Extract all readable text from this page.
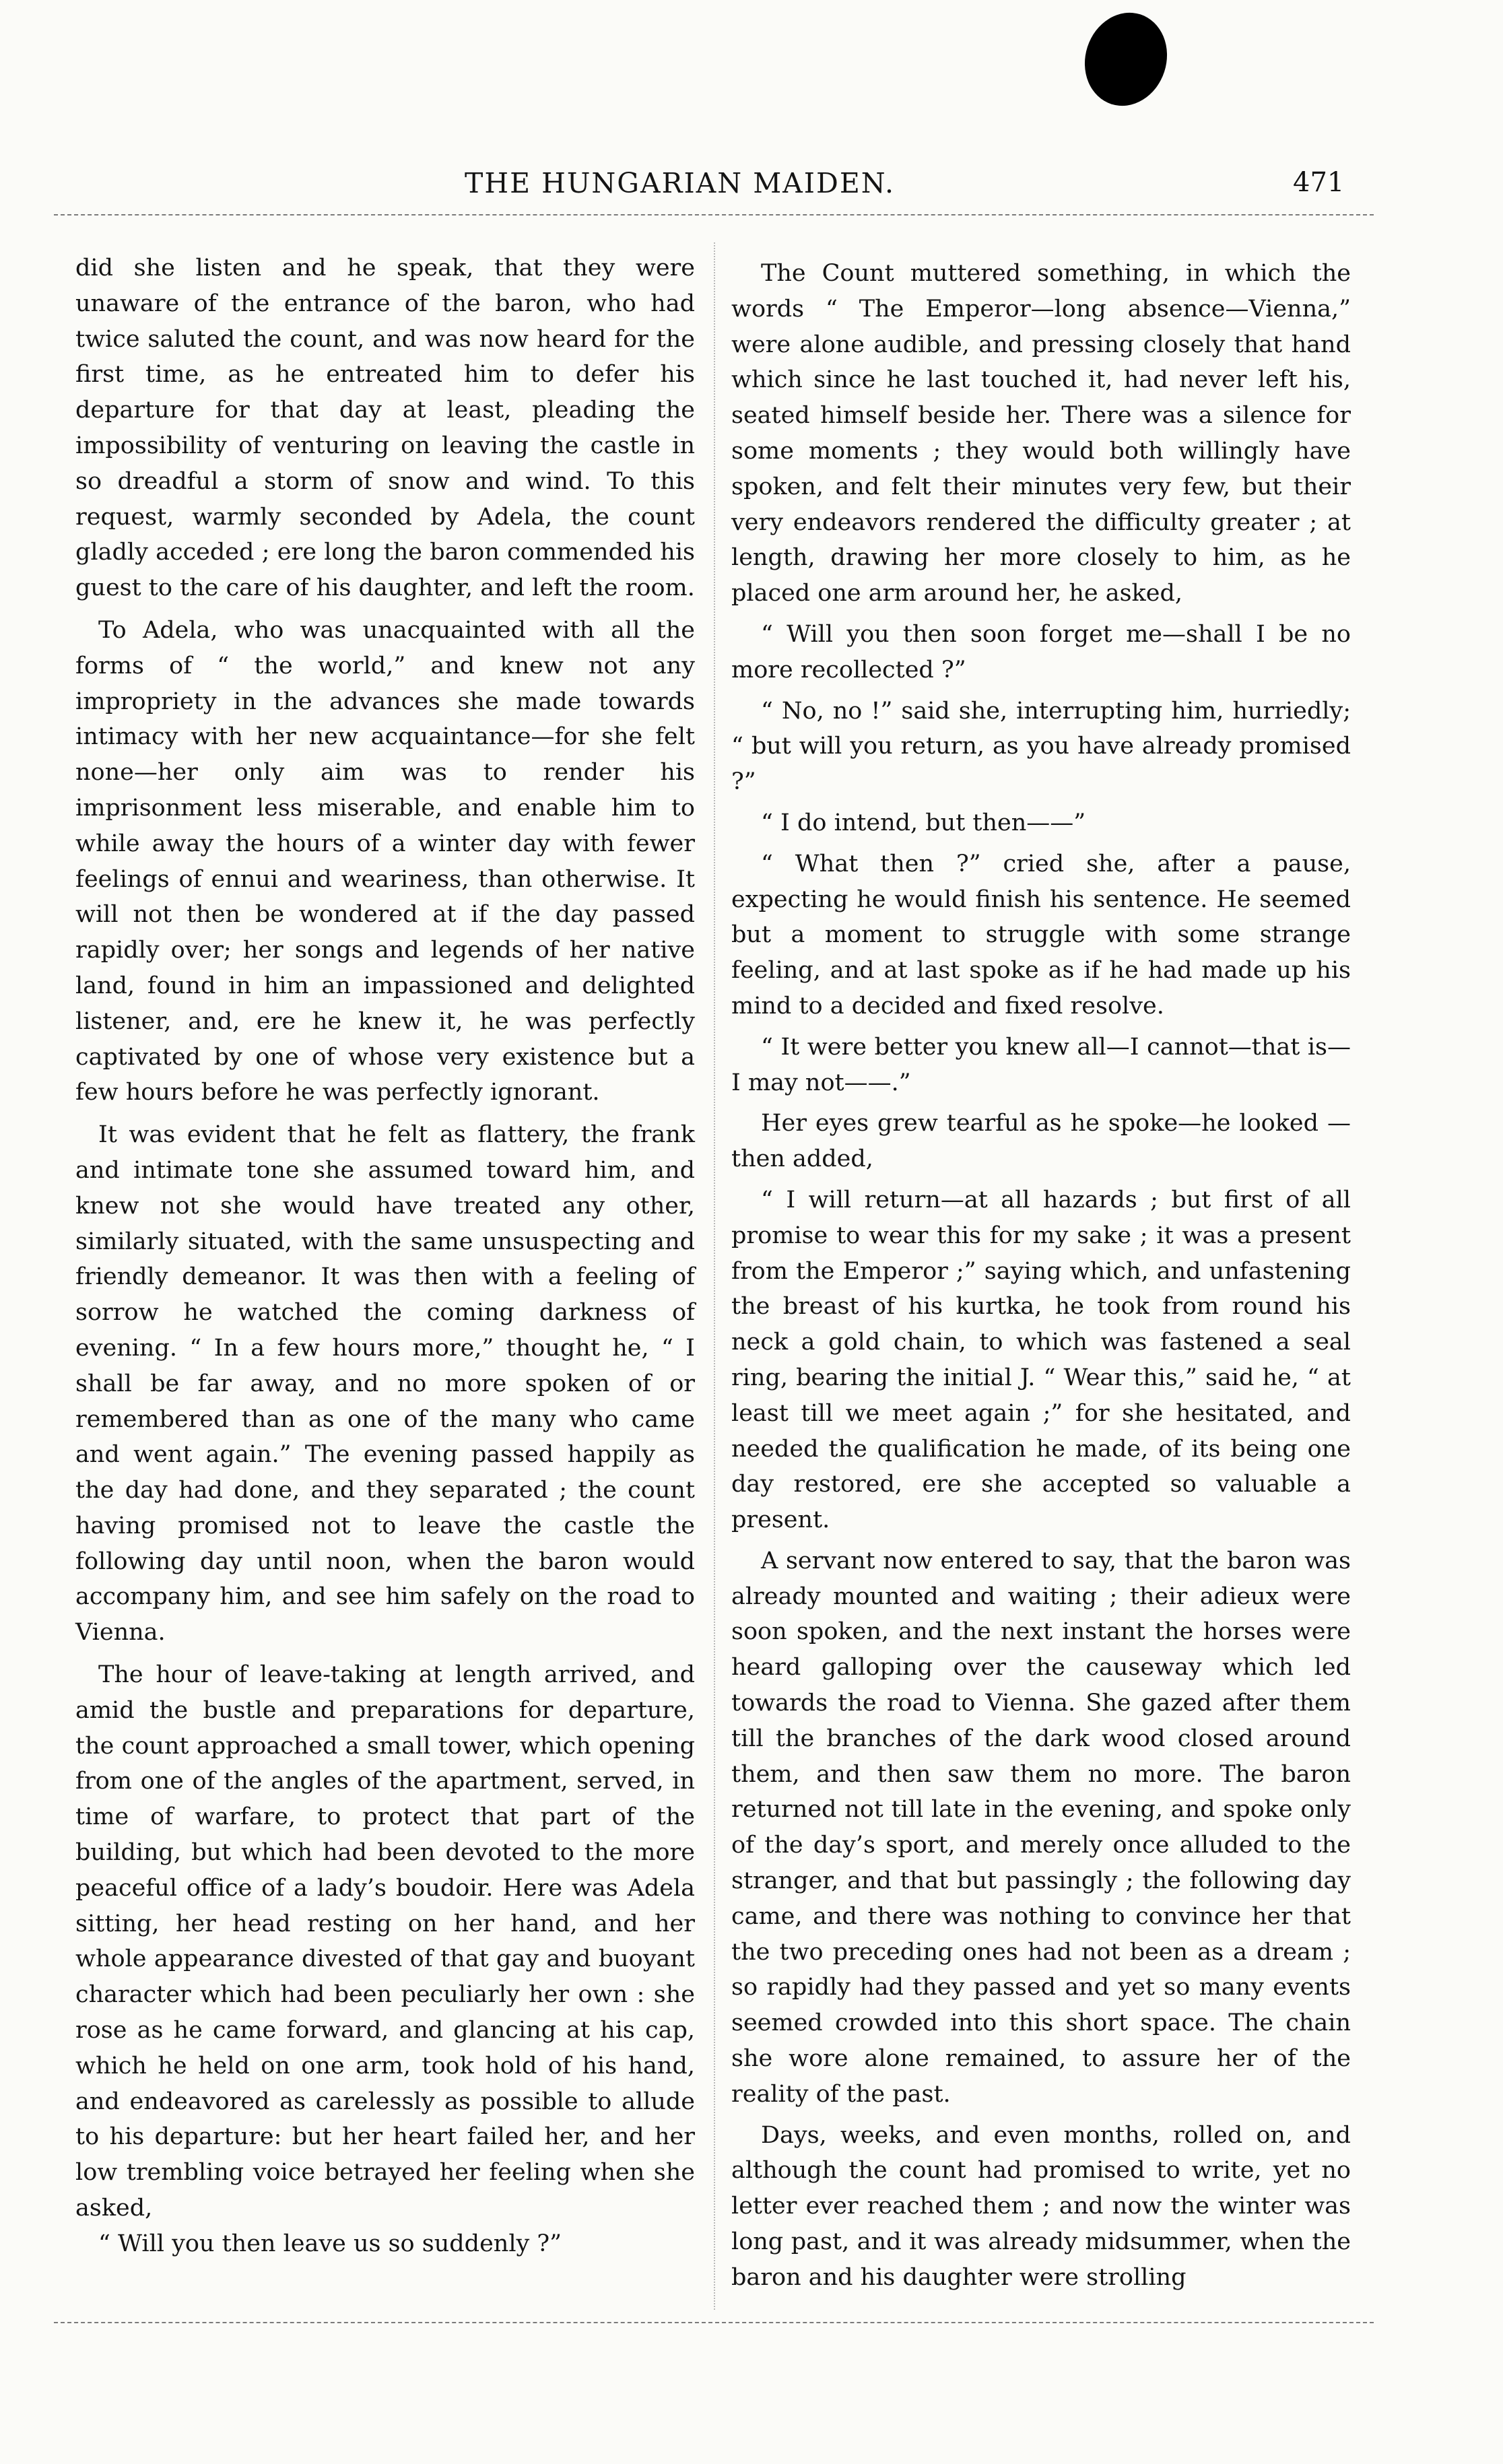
THE HUNGARIAN MAIDEN.	471

did she listen and he speak, that they were unaware of the entrance of the baron, who had twice saluted the count, and was now heard for the first time, as he entreated him to defer his departure for that day at least, pleading the impossibility of venturing on leaving the castle in so dreadful a storm of snow and wind. To this request, warmly seconded by Adela, the count gladly acceded ; ere long the baron commended his guest to the care of his daughter, and left the room.

To Adela, who was unacquainted with all the forms of “ the world,” and knew not any impropriety in the advances she made towards intimacy with her new acquaintance—for she felt none—her only aim was to render his imprisonment less miserable, and enable him to while away the hours of a winter day with fewer feelings of ennui and weariness, than otherwise. It will not then be wondered at if the day passed rapidly over; her songs and legends of her native land, found in him an impassioned and delighted listener, and, ere he knew it, he was perfectly captivated by one of whose very existence but a few hours before he was perfectly ignorant.

It was evident that he felt as flattery, the frank and intimate tone she assumed toward him, and knew not she would have treated any other, similarly situated, with the same unsuspecting and friendly demeanor. It was then with a feeling of sorrow he watched the coming darkness of evening. “ In a few hours more,” thought he, “ I shall be far away, and no more spoken of or remembered than as one of the many who came and went again.” The evening passed happily as the day had done, and they separated ; the count having promised not to leave the castle the following day until noon, when the baron would accompany him, and see him safely on the road to Vienna.

The hour of leave-taking at length arrived, and amid the bustle and preparations for departure, the count approached a small tower, which opening from one of the angles of the apartment, served, in time of warfare, to protect that part of the building, but which had been devoted to the more peaceful office of a lady’s boudoir. Here was Adela sitting, her head resting on her hand, and her whole appearance divested of that gay and buoyant character which had been peculiarly her own : she rose as he came forward, and glancing at his cap, which he held on one arm, took hold of his hand, and endeavored as carelessly as possible to allude to his departure: but her heart failed her, and her low trembling voice betrayed her feeling when she asked,

“ Will you then leave us so suddenly ?”

The Count muttered something, in which the words “ The Emperor—long absence—Vienna,” were alone audible, and pressing closely that hand which since he last touched it, had never left his, seated himself beside her. There was a silence for some moments ; they would both willingly have spoken, and felt their minutes very few, but their very endeavors rendered the difficulty greater ; at length, drawing her more closely to him, as he placed one arm around her, he asked,

“ Will you then soon forget me—shall I be no more recollected ?”

“ No, no !” said she, interrupting him, hurriedly; “ but will you return, as you have already promised ?”

“ I do intend, but then——”

“ What then ?” cried she, after a pause, expecting he would finish his sentence. He seemed but a moment to struggle with some strange feeling, and at last spoke as if he had made up his mind to a decided and fixed resolve.

“ It were better you knew all—I cannot—that is—I may not——.”

Her eyes grew tearful as he spoke—he looked —then added,

“ I will return—at all hazards ; but first of all promise to wear this for my sake ; it was a present from the Emperor ;” saying which, and unfastening the breast of his kurtka, he took from round his neck a gold chain, to which was fastened a seal ring, bearing the initial J. “ Wear this,” said he, “ at least till we meet again ;” for she hesitated, and needed the qualification he made, of its being one day restored, ere she accepted so valuable a present.

A servant now entered to say, that the baron was already mounted and waiting ; their adieux were soon spoken, and the next instant the horses were heard galloping over the causeway which led towards the road to Vienna. She gazed after them till the branches of the dark wood closed around them, and then saw them no more. The baron returned not till late in the evening, and spoke only of the day’s sport, and merely once alluded to the stranger, and that but passingly ; the following day came, and there was nothing to convince her that the two preceding ones had not been as a dream ; so rapidly had they passed and yet so many events seemed crowded into this short space. The chain she wore alone remained, to assure her of the reality of the past.

Days, weeks, and even months, rolled on, and although the count had promised to write, yet no letter ever reached them ; and now the winter was long past, and it was already midsummer, when the baron and his daughter were strolling
